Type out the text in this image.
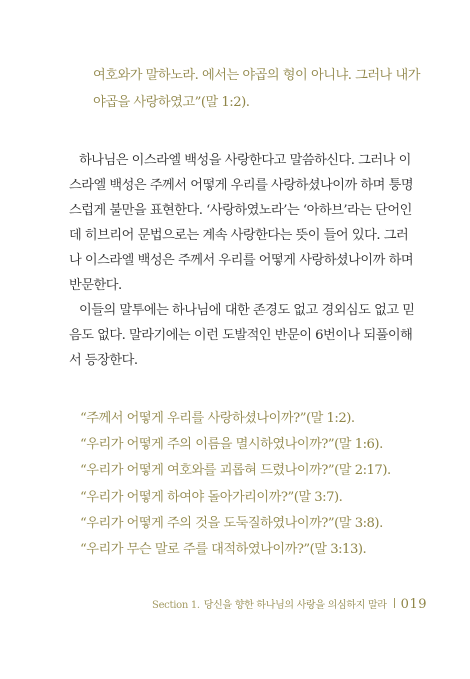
여호와가 말하노라. 에서는 야곱의 형이 아니냐. 그러나 내가
야곱을 사랑하였고”(말 1:2).
하나님은 이스라엘 백성을 사랑한다고 말씀하신다. 그러나 이
스라엘 백성은 주께서 어떻게 우리를 사랑하셨나이까 하며 퉁명
스럽게 불만을 표현한다. ‘사랑하였노라’는 ‘아하브’라는 단어인
데 히브리어 문법으로는 계속 사랑한다는 뜻이 들어 있다. 그러
나 이스라엘 백성은 주께서 우리를 어떻게 사랑하셨나이까 하며
반문한다.
이들의 말투에는 하나님에 대한 존경도 없고 경외심도 없고 믿
음도 없다. 말라기에는 이런 도발적인 반문이 6번이나 되풀이해
서 등장한다.
“주께서 어떻게 우리를 사랑하셨나이까?”(말 1:2).
“우리가 어떻게 주의 이름을 멸시하였나이까?”(말 1:6).
“우리가 어떻게 여호와를 괴롭혀 드렸나이까?”(말 2:17).
“우리가 어떻게 하여야 돌아가리이까?”(말 3:7).
“우리가 어떻게 주의 것을 도둑질하였나이까?”(말 3:8).
“우리가 무슨 말로 주를 대적하였나이까?”(말 3:13).
Section 1. 당신을 향한 하나님의 사랑을 의심하지 말라 019
